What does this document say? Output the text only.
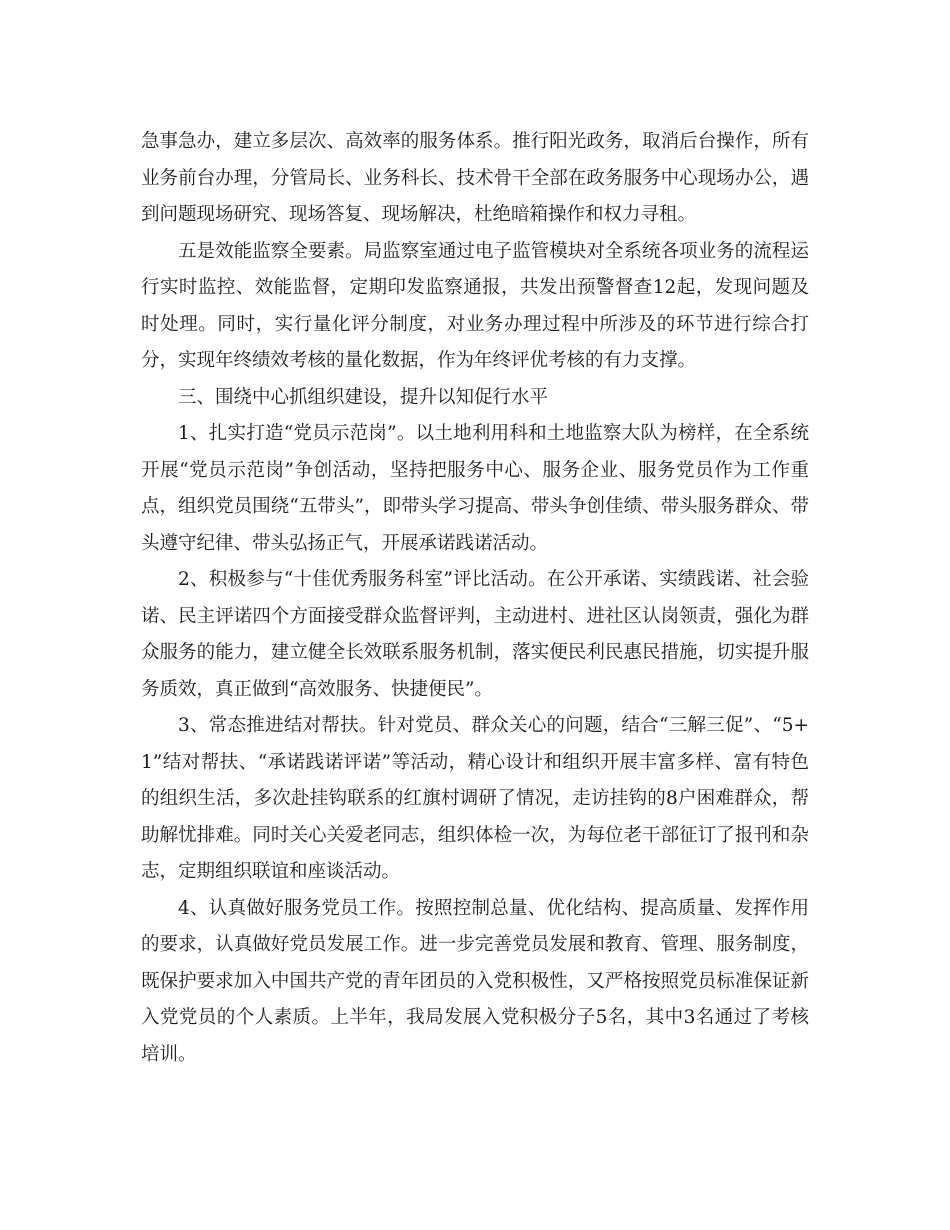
急事急办，建立多层次、高效率的服务体系。推行阳光政务，取消后台操作，所有业务前台办理，分管局长、业务科长、技术骨干全部在政务服务中心现场办公，遇到问题现场研究、现场答复、现场解决，杜绝暗箱操作和权力寻租。

五是效能监察全要素。局监察室通过电子监管模块对全系统各项业务的流程运行实时监控、效能监督，定期印发监察通报，共发出预警督查12起，发现问题及时处理。同时，实行量化评分制度，对业务办理过程中所涉及的环节进行综合打分，实现年终绩效考核的量化数据，作为年终评优考核的有力支撑。

三、围绕中心抓组织建设，提升以知促行水平

1、扎实打造“党员示范岗”。以土地利用科和土地监察大队为榜样，在全系统开展“党员示范岗”争创活动，坚持把服务中心、服务企业、服务党员作为工作重点，组织党员围绕“五带头”，即带头学习提高、带头争创佳绩、带头服务群众、带头遵守纪律、带头弘扬正气，开展承诺践诺活动。

2、积极参与“十佳优秀服务科室”评比活动。在公开承诺、实绩践诺、社会验诺、民主评诺四个方面接受群众监督评判，主动进村、进社区认岗领责，强化为群众服务的能力，建立健全长效联系服务机制，落实便民利民惠民措施，切实提升服务质效，真正做到“高效服务、快捷便民”。

3、常态推进结对帮扶。针对党员、群众关心的问题，结合“三解三促”、“5+1”结对帮扶、“承诺践诺评诺”等活动，精心设计和组织开展丰富多样、富有特色的组织生活，多次赴挂钩联系的红旗村调研了情况，走访挂钩的8户困难群众，帮助解忧排难。同时关心关爱老同志，组织体检一次，为每位老干部征订了报刊和杂志，定期组织联谊和座谈活动。

4、认真做好服务党员工作。按照控制总量、优化结构、提高质量、发挥作用的要求，认真做好党员发展工作。进一步完善党员发展和教育、管理、服务制度，既保护要求加入中国共产党的青年团员的入党积极性，又严格按照党员标准保证新入党党员的个人素质。上半年，我局发展入党积极分子5名，其中3名通过了考核培训。
